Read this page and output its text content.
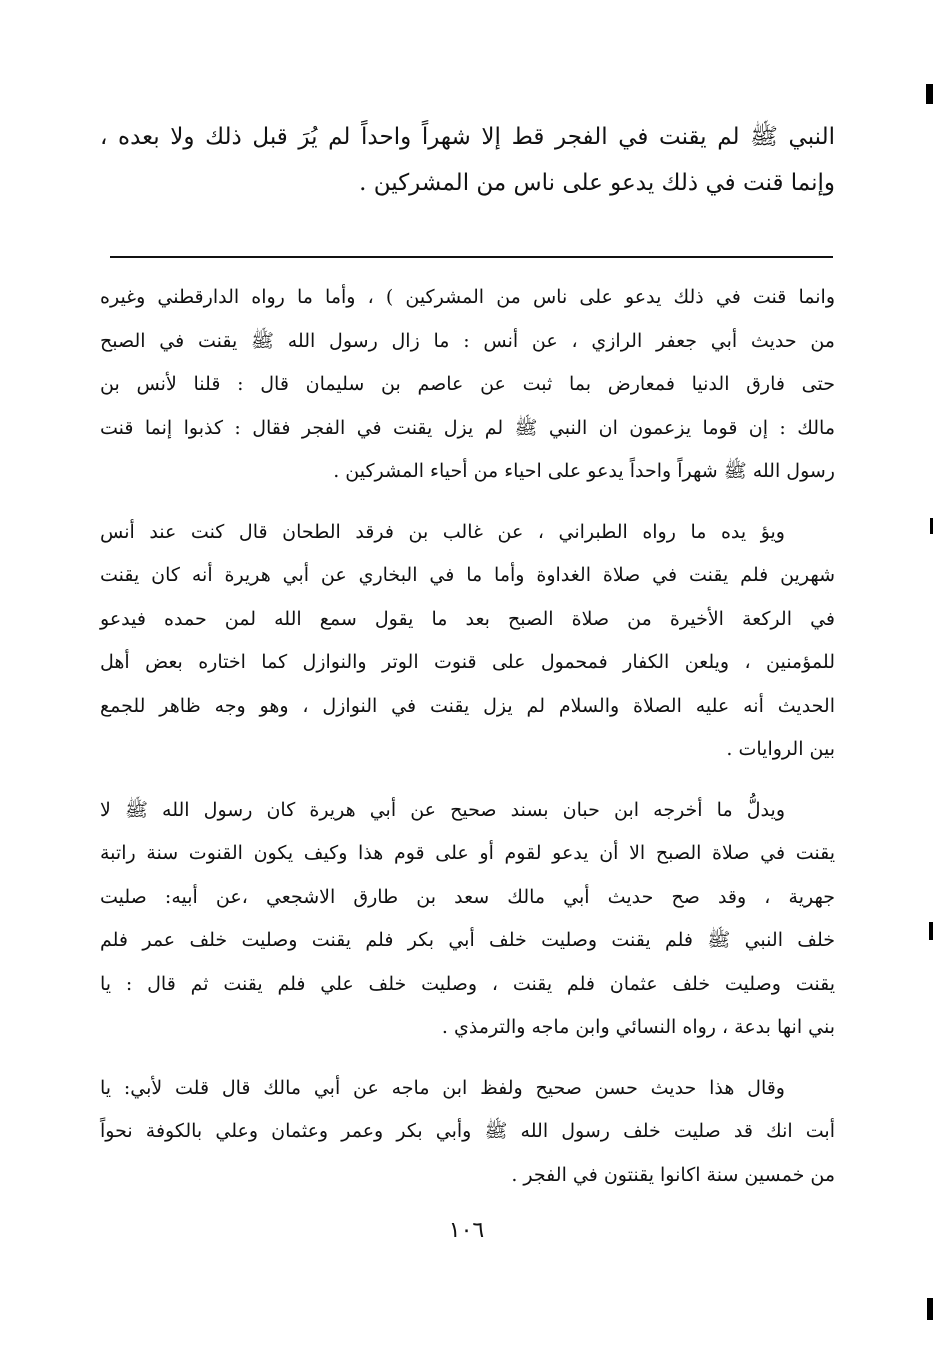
النبي ﷺ لم يقنت في الفجر قط إلا شهراً واحداً لم يُرَ قبل ذلك ولا بعده ،
وإنما قنت في ذلك يدعو على ناس من المشركين .
وانما قنت في ذلك يدعو على ناس من المشركين ) ، وأما ما رواه الدارقطني وغيره
من حديث أبي جعفر الرازي ، عن أنس : ما زال رسول الله ﷺ يقنت في الصبح
حتى فارق الدنيا فمعارض بما ثبت عن عاصم بن سليمان قال : قلنا لأنس بن
مالك : إن قوما يزعمون ان النبي ﷺ لم يزل يقنت في الفجر فقال : كذبوا إنما قنت
رسول الله ﷺ شهراً واحداً يدعو على احياء من أحياء المشركين .
ويؤ يده ما رواه الطبراني ، عن غالب بن فرقد الطحان قال كنت عند أنس
شهرين فلم يقنت في صلاة الغداوة وأما ما في البخاري عن أبي هريرة أنه كان يقنت
في الركعة الأخيرة من صلاة الصبح بعد ما يقول سمع الله لمن حمده فيدعو
للمؤمنين ، ويلعن الكفار فمحمول على قنوت الوتر والنوازل كما اختاره بعض أهل
الحديث أنه عليه الصلاة والسلام لم يزل يقنت في النوازل ، وهو وجه ظاهر للجمع
بين الروايات .
ويدلُّ ما أخرجه ابن حبان بسند صحيح عن أبي هريرة كان رسول الله ﷺ لا
يقنت في صلاة الصبح الا أن يدعو لقوم أو على قوم هذا وكيف يكون القنوت سنة راتبة
جهرية ، وقد صح حديث أبي مالك سعد بن طارق الاشجعي ،عن أبيه: صليت
خلف النبي ﷺ فلم يقنت وصليت خلف أبي بكر فلم يقنت وصليت خلف عمر فلم
يقنت وصليت خلف عثمان فلم يقنت ، وصليت خلف علي فلم يقنت ثم قال : يا
بني انها بدعة ، رواه النسائي وابن ماجه والترمذي .
وقال هذا حديث حسن صحيح ولفظ ابن ماجه عن أبي مالك قال قلت لأبي: يا
أبت انك قد صليت خلف رسول الله ﷺ وأبي بكر وعمر وعثمان وعلي بالكوفة نحواً
من خمسين سنة اكانوا يقنتون في الفجر .
١٠٦
